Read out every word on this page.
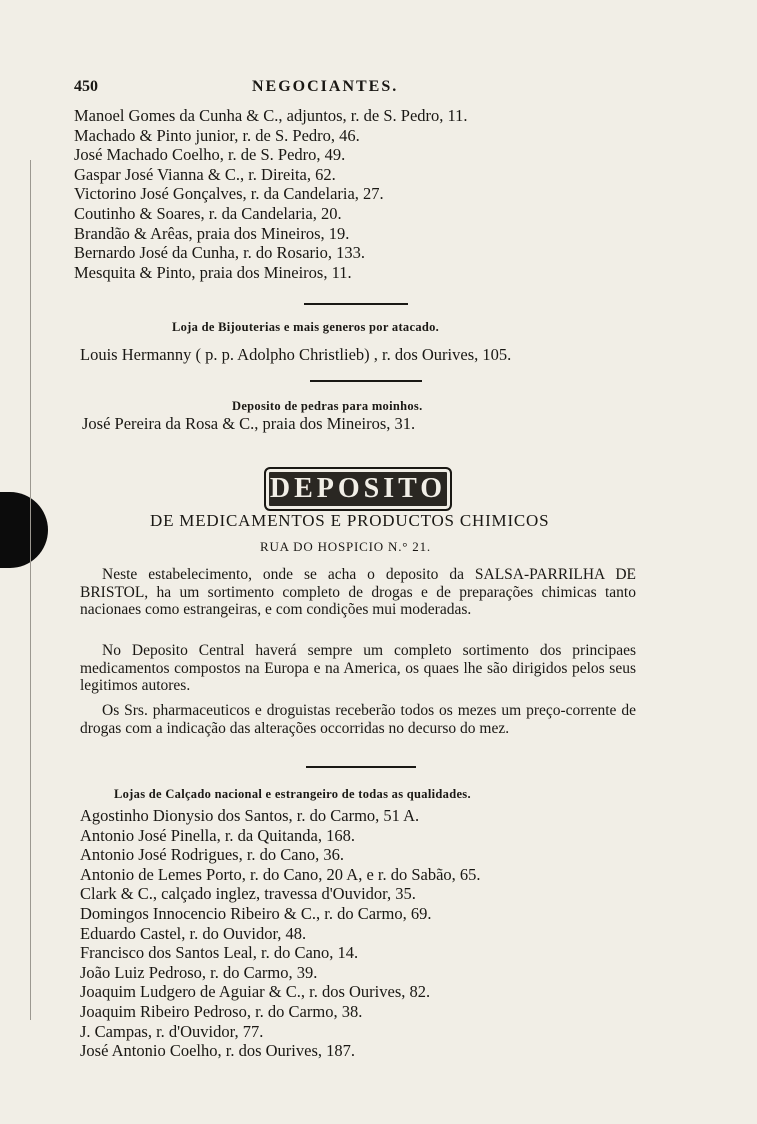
450	NEGOCIANTES.
Manoel Gomes da Cunha & C., adjuntos, r. de S. Pedro, 11.
Machado & Pinto junior, r. de S. Pedro, 46.
José Machado Coelho, r. de S. Pedro, 49.
Gaspar José Vianna & C., r. Direita, 62.
Victorino José Gonçalves, r. da Candelaria, 27.
Coutinho & Soares, r. da Candelaria, 20.
Brandão & Arêas, praia dos Mineiros, 19.
Bernardo José da Cunha, r. do Rosario, 133.
Mesquita & Pinto, praia dos Mineiros, 11.
Loja de Bijouterias e mais generos por atacado.
Louis Hermanny ( p. p. Adolpho Christlieb) , r. dos Ourives, 105.
Deposito de pedras para moinhos.
José Pereira da Rosa & C., praia dos Mineiros, 31.
DEPOSITO
DE MEDICAMENTOS E PRODUCTOS CHIMICOS
RUA DO HOSPICIO N.° 21.
Neste estabelecimento, onde se acha o deposito da SALSA-PARRILHA DE BRISTOL, ha um sortimento completo de drogas e de preparações chimicas tanto nacionaes como estrangeiras, e com condições mui moderadas.
No Deposito Central haverá sempre um completo sortimento dos principaes medicamentos compostos na Europa e na America, os quaes lhe são dirigidos pelos seus legitimos autores.
Os Srs. pharmaceuticos e droguistas receberão todos os mezes um preço-corrente de drogas com a indicação das alterações occorridas no decurso do mez.
Lojas de Calçado nacional e estrangeiro de todas as qualidades.
Agostinho Dionysio dos Santos, r. do Carmo, 51 A.
Antonio José Pinella, r. da Quitanda, 168.
Antonio José Rodrigues, r. do Cano, 36.
Antonio de Lemes Porto, r. do Cano, 20 A, e r. do Sabão, 65.
Clark & C., calçado inglez, travessa d'Ouvidor, 35.
Domingos Innocencio Ribeiro & C., r. do Carmo, 69.
Eduardo Castel, r. do Ouvidor, 48.
Francisco dos Santos Leal, r. do Cano, 14.
João Luiz Pedroso, r. do Carmo, 39.
Joaquim Ludgero de Aguiar & C., r. dos Ourives, 82.
Joaquim Ribeiro Pedroso, r. do Carmo, 38.
J. Campas, r. d'Ouvidor, 77.
José Antonio Coelho, r. dos Ourives, 187.
